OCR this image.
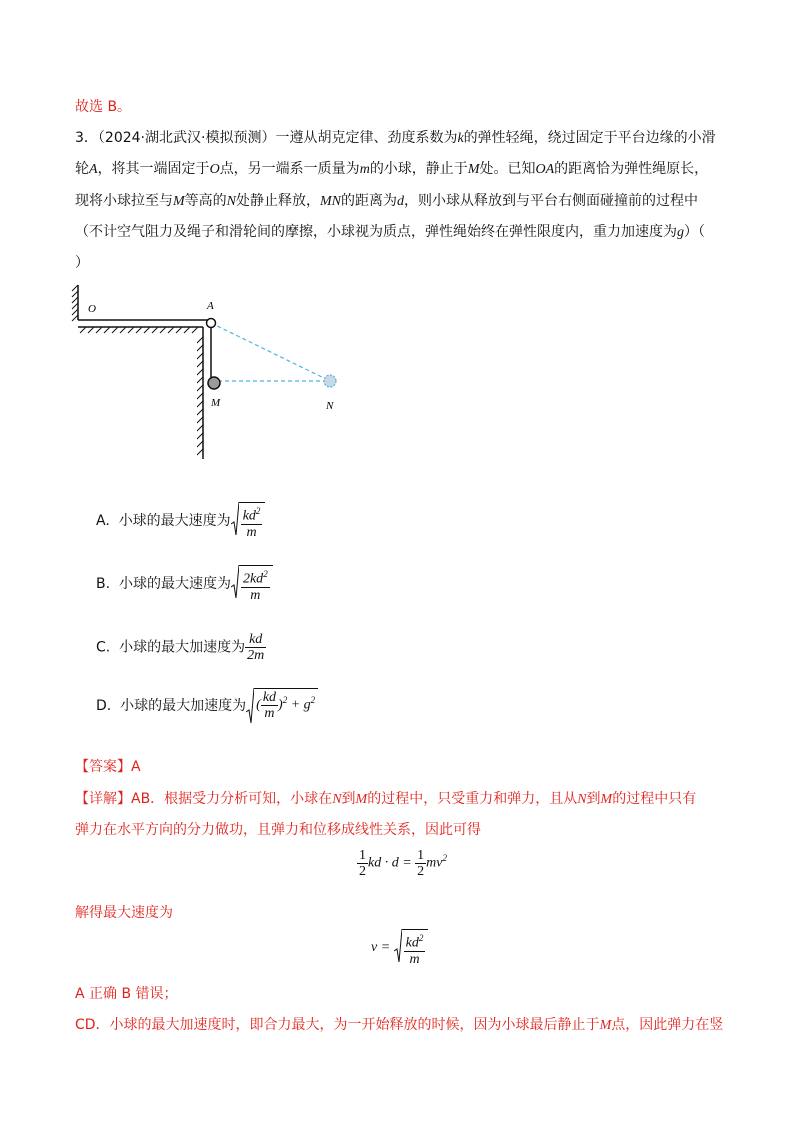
故选 B。
3．（2024·湖北武汉·模拟预测）一遵从胡克定律、劲度系数为k的弹性轻绳，绕过固定于平台边缘的小滑
轮A，将其一端固定于O点，另一端系一质量为m的小球，静止于M处。已知OA的距离恰为弹性绳原长，
现将小球拉至与M等高的N处静止释放，MN的距离为d，则小球从释放到与平台右侧面碰撞前的过程中
（不计空气阻力及绳子和滑轮间的摩擦，小球视为质点，弹性绳始终在弹性限度内，重力加速度为g）（
）
O	A
M	N
A. 小球的最大速度为 $\frac{kd^2}{m}$
B. 小球的最大速度为 $\frac{2kd^2}{m}$
C. 小球的最大加速度为 $\frac{kd}{2m}$
D. 小球的最大加速度为 ( $\frac{kd}{m} )^2 + g^2$
【答案】A
【详解】AB．根据受力分析可知，小球在N到M的过程中，只受重力和弹力，且从N到M的过程中只有
弹力在水平方向的分力做功，且弹力和位移成线性关系，因此可得
$\frac{1}{2}$ kd · $d = \frac{1}{2} mv^2$
解得最大速度为
$v = \frac{kd^2}{m}$
A 正确 B 错误；
CD．小球的最大加速度时，即合力最大，为一开始释放的时候，因为小球最后静止于M点，因此弹力在竖
